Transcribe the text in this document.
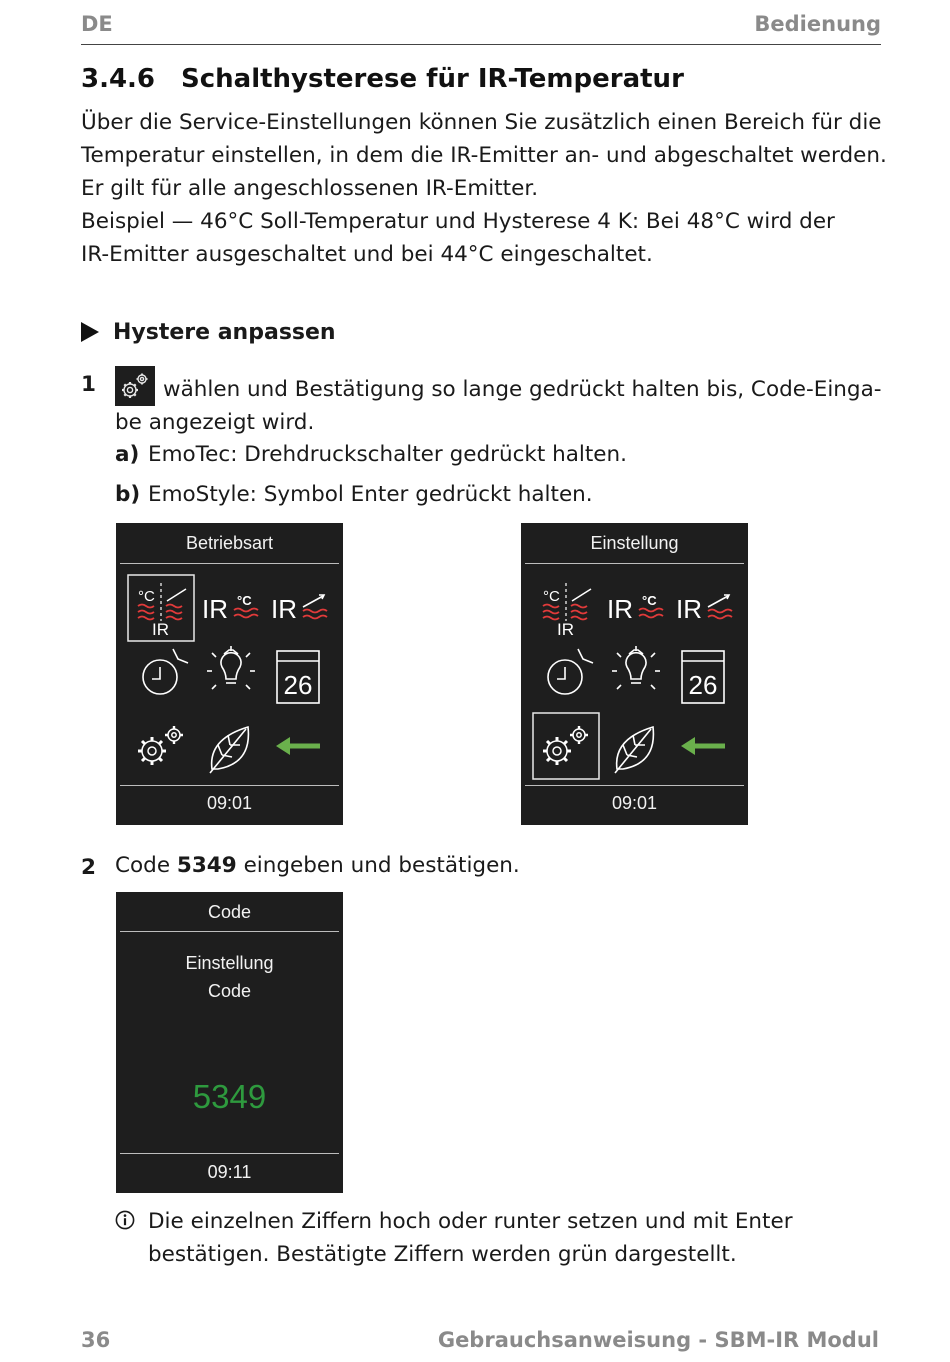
DE	Bedienung
3.4.6 Schalthysterese für IR-Temperatur
Über die Service-Einstellungen können Sie zusätzlich einen Bereich für die
Temperatur einstellen, in dem die IR-Emitter an- und abgeschaltet werden.
Er gilt für alle angeschlossenen IR-Emitter.
Beispiel — 46°C Soll-Temperatur und Hysterese 4 K: Bei 48°C wird der
IR-Emitter ausgeschaltet und bei 44°C eingeschaltet.
Hystere anpassen
1	wählen und Bestätigung so lange gedrückt halten bis, Code-Einga-
be angezeigt wird.
a) EmoTec: Drehdruckschalter gedrückt halten.
b) EmoStyle: Symbol Enter gedrückt halten.
Betriebsart
°C
IR
IR °C IR
26
09:01
Einstellung
°C
IR
IR °C IR
26
09:01
2 Code 5349 eingeben und bestätigen.
Code
Einstellung
Code
5349
09:11
Die einzelnen Ziffern hoch oder runter setzen und mit Enter
bestätigen. Bestätigte Ziffern werden grün dargestellt.
36	Gebrauchsanweisung - SBM-IR Modul
